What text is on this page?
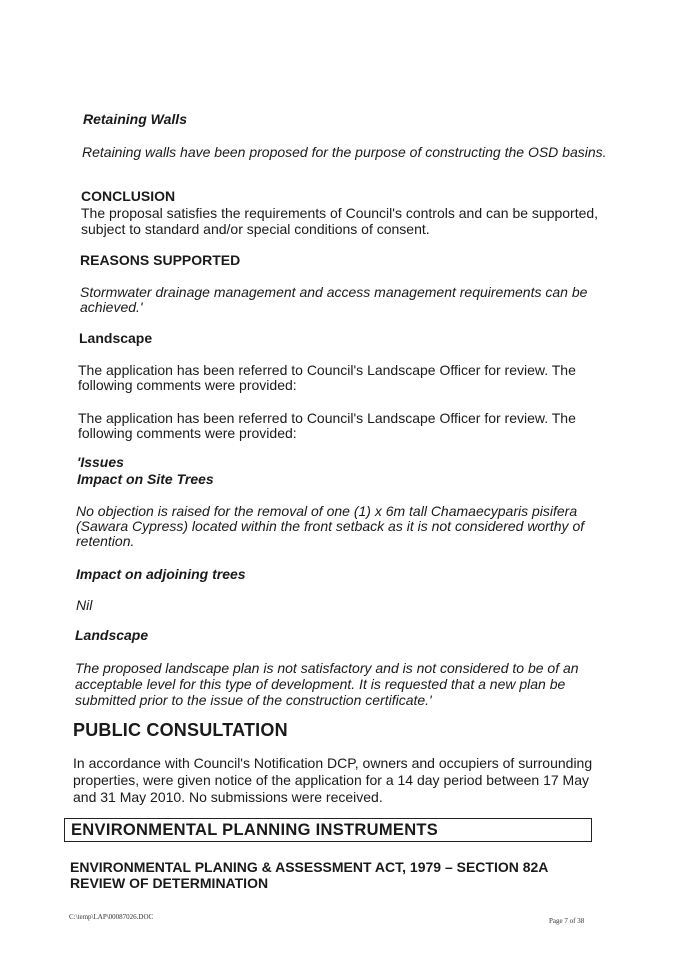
Retaining Walls
Retaining walls have been proposed for the purpose of constructing the OSD basins.
CONCLUSION
The proposal satisfies the requirements of Council's controls and can be supported,
subject to standard and/or special conditions of consent.
REASONS SUPPORTED
Stormwater drainage management and access management requirements can be
achieved.'
Landscape
The application has been referred to Council's Landscape Officer for review. The
following comments were provided:
The application has been referred to Council's Landscape Officer for review. The
following comments were provided:
'Issues
Impact on Site Trees
No objection is raised for the removal of one (1) x 6m tall Chamaecyparis pisifera
(Sawara Cypress) located within the front setback as it is not considered worthy of
retention.
Impact on adjoining trees
Nil
Landscape
The proposed landscape plan is not satisfactory and is not considered to be of an
acceptable level for this type of development. It is requested that a new plan be
submitted prior to the issue of the construction certificate.'
PUBLIC CONSULTATION
In accordance with Council's Notification DCP, owners and occupiers of surrounding
properties, were given notice of the application for a 14 day period between 17 May
and 31 May 2010. No submissions were received.
ENVIRONMENTAL PLANNING INSTRUMENTS
ENVIRONMENTAL PLANING & ASSESSMENT ACT, 1979 – SECTION 82A
REVIEW OF DETERMINATION
C:\temp\LAP\00087026.DOC	Page 7 of 38
